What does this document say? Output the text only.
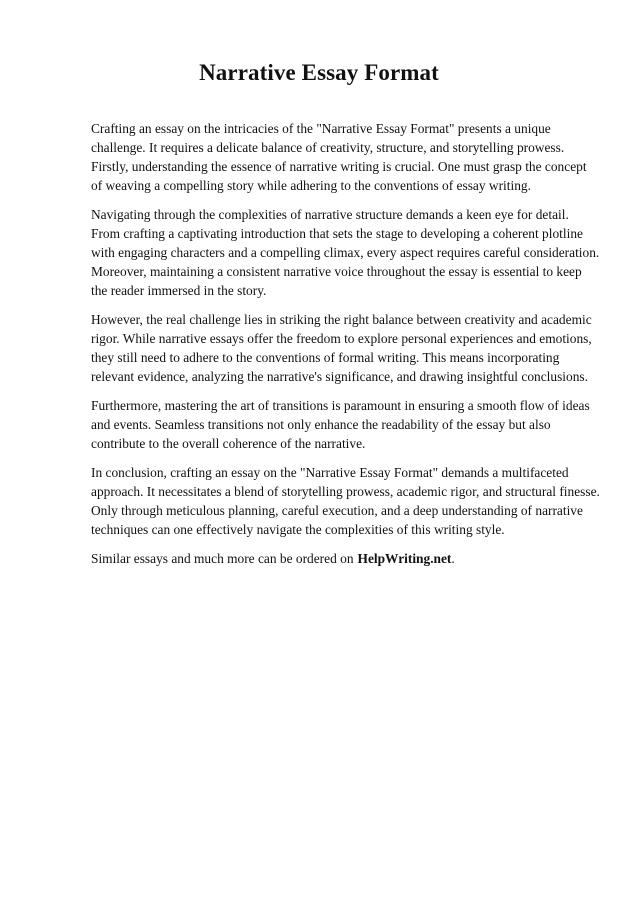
Narrative Essay Format

Crafting an essay on the intricacies of the "Narrative Essay Format" presents a unique challenge. It requires a delicate balance of creativity, structure, and storytelling prowess. Firstly, understanding the essence of narrative writing is crucial. One must grasp the concept of weaving a compelling story while adhering to the conventions of essay writing.

Navigating through the complexities of narrative structure demands a keen eye for detail. From crafting a captivating introduction that sets the stage to developing a coherent plotline with engaging characters and a compelling climax, every aspect requires careful consideration. Moreover, maintaining a consistent narrative voice throughout the essay is essential to keep the reader immersed in the story.

However, the real challenge lies in striking the right balance between creativity and academic rigor. While narrative essays offer the freedom to explore personal experiences and emotions, they still need to adhere to the conventions of formal writing. This means incorporating relevant evidence, analyzing the narrative's significance, and drawing insightful conclusions.

Furthermore, mastering the art of transitions is paramount in ensuring a smooth flow of ideas and events. Seamless transitions not only enhance the readability of the essay but also contribute to the overall coherence of the narrative.

In conclusion, crafting an essay on the "Narrative Essay Format" demands a multifaceted approach. It necessitates a blend of storytelling prowess, academic rigor, and structural finesse. Only through meticulous planning, careful execution, and a deep understanding of narrative techniques can one effectively navigate the complexities of this writing style.

Similar essays and much more can be ordered on HelpWriting.net.
